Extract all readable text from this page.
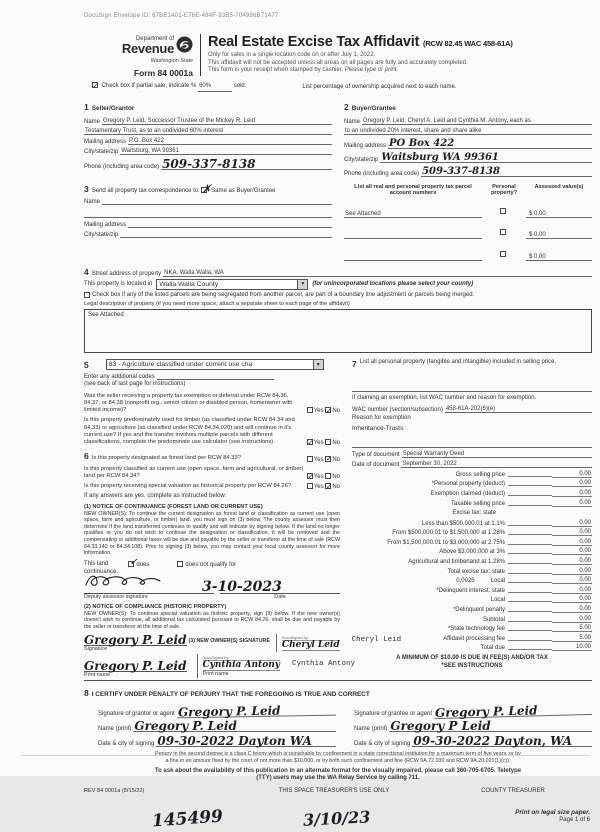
DocuSign Envelope ID: 67BE1401-E76E-484F-93B5-704986B71477
Department of
Revenue
Washington State
Form 84 0001a
Real Estate Excise Tax Affidavit (RCW 82.45 WAC 458-61A)
Only for sales in a single location code on or after July 1, 2022.
This affidavit will not be accepted unless all areas on all pages are fully and accurately completed.
This form is your receipt when stamped by cashier. Please type or print.
✓ Check box if partial sale, indicate % 60%	sold.	List percentage of ownership acquired next to each name.
1 Seller/Grantor
Name Gregory P. Leid, Successor Trustee of the Mickey R. Leid
Testamentary Trust, as to an undivided 60% interest
Mailing address P.O. Box 422
City/state/zip Waitsburg, WA 99361
Phone (including area code) 509-337-8138
2 Buyer/Grantee
Name Gregory P. Leid, Cheryl A. Leid and Cynthia M. Antony, each as
to an undivided 20% interest, share and share alike
Mailing address PO Box 422
City/state/zip Waitsburg WA 99361
Phone (including area code) 509-337-8138
3 Send all property tax correspondence to: ✗ Same as Buyer/Grantee
Name
Mailing address
City/state/zip
List all real and personal property tax parcel account numbers
Personal property?
Assessed value(s)
See Attached	$ 0.00
$ 0.00
$ 0.00
4 Street address of property NKA, Walla Walla, WA
This property is located in Walla Walla County	▼	(for unincorporated locations please select your county)
Check box if any of the listed parcels are being segregated from another parcel, are part of a boundary line adjustment or parcels being merged.
Legal description of property (if you need more space, attach a separate sheet to each page of the affidavit)
See Attached
5	83 - Agriculture classified under current use cha	▼
Enter any additional codes
(see back of last page for instructions)
Was the seller receiving a property tax exemption or deferral under RCW 84.36, 84.37, or 84.38 (nonprofit org., senior citizen or disabled person, homeowner with limited income)?	Yes ✓ No
Is this property predominately used for timber (as classified under RCW 84.34 and 84.33) or agriculture (as classified under RCW 84.34.020) and will continue in it's current use? If yes and the transfer involves multiple parcels with different classifications, complete the predominate use calculator (see instructions) ✓	Yes No
6 Is this property designated as forest land per RCW 84.33?	Yes ✓ No
Is this property classified as current use (open space, farm and agricultural, or timber) land per RCW 84.34? ✓	Yes No
Is this property receiving special valuation as historical property per RCW 84.26?	Yes ✓ No
If any answers are yes, complete as instructed below.
(1) NOTICE OF CONTINUANCE (FOREST LAND OR CURRENT USE)
NEW OWNER(S): To continue the current designation as forest land or classification as current use (open space, farm and agriculture, or timber) land, you must sign on (3) below. The county assessor must then determine if the land transferred continues to qualify and will indicate by signing below. If the land no longer qualifies or you do not wish to continue the designation or classification, it will be removed and the compensating or additional taxes will be due and payable by the seller or transferor at the time of sale (RCW 84.33.140 or 84.34.108). Prior to signing (3) below, you may contact your local county assessor for more information.
This land ✓	does	does not qualify for
continuance.
3-10-2023
Deputy assessor signature	Date
(2) NOTICE OF COMPLIANCE (HISTORIC PROPERTY)
NEW OWNER(S): To continue special valuation as historic property, sign (3) below. If the new owner(s) doesn't wish to continue, all additional tax calculated pursuant to RCW 84.26, shall be due and payable by the seller or transferor at the time of sale.
Gregory P. Leid
Signature
(3) NEW OWNER(S) SIGNATURE	DocuSigned by:
Cheryl Leid Cheryl Leid
Gregory P. Leid
Print name
DocuSigned by:
Cynthia Antony
Print name
Cynthia Antony
7 List all personal property (tangible and intangible) included in selling price.
If claiming an exemption, list WAC number and reason for exemption.
WAC number (section/subsection) 458-61A-202(6)(e)
Reason for exemption
Inheritance-Trusts
Type of document Special Warranty Deed
Date of document September 30, 2022
Gross selling price	0.00
*Personal property (deduct)	0.00
Exemption claimed (deduct)	0.00
Taxable selling price	0.00
Excise tax: state
Less than $500,000.01 at 1.1%	0.00
From $500,000.01 to $1,500,000 at 1.28%	0.00
From $1,500,000.01 to $3,000,000 at 2.75%	0.00
Above $3,000,000 at 3%	0.00
Agricultural and timberland at 1.28%	0.00
Total excise tax: state	0.00
0.0025	Local	0.00
*Delinquent interest: state	0.00
Local	0.00
*Delinquent penalty	0.00
Subtotal	0.00
*State technology fee	5.00
Affidavit processing fee	5.00
Total due	10.00
A MINIMUM OF $10.00 IS DUE IN FEE(S) AND/OR TAX
*SEE INSTRUCTIONS
8 I CERTIFY UNDER PENALTY OF PERJURY THAT THE FOREGOING IS TRUE AND CORRECT
Signature of grantor or agent Gregory P. Leid
Name (print) Gregory P. Leid
Date & city of signing 09-30-2022 Dayton WA
Signature of grantee or agent Gregory P. Leid
Name (print) Gregory P Leid
Date & city of signing 09-30-2022 Dayton, WA
Perjury in the second degree is a class C felony which is punishable by confinement in a state correctional institution for a maximum term of five years, or by
a fine in an amount fixed by the court of not more than $10,000, or by both such confinement and fine (RCW 9A.72.030 and RCW 9A.20.021(1)(c)).
To ask about the availability of this publication in an alternate format for the visually impaired, please call 360-705-6705. Teletype
(TTY) users may use the WA Relay Service by calling 711.
REV 84 0001a (8/15/22)	THIS SPACE TREASURER'S USE ONLY	COUNTY TREASURER
145499	3/10/23	Print on legal size paper.
Page 1 of 6
